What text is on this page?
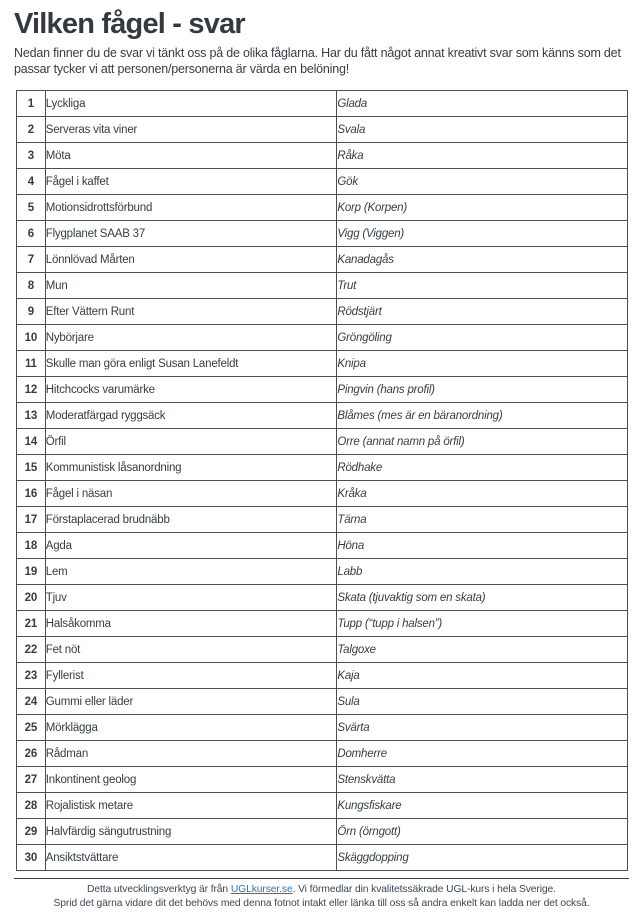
Vilken fågel - svar

Nedan finner du de svar vi tänkt oss på de olika fåglarna. Har du fått något annat kreativt svar som känns som det passar tycker vi att personen/personerna är värda en belöning!

1	Lyckliga	Glada
2	Serveras vita viner	Svala
3	Möta	Råka
4	Fågel i kaffet	Gök
5	Motionsidrottsförbund	Korp (Korpen)
6	Flygplanet SAAB 37	Vigg (Viggen)
7	Lönnlövad Mårten	Kanadagås
8	Mun	Trut
9	Efter Vättern Runt	Rödstjärt
10	Nybörjare	Gröngöling
11	Skulle man göra enligt Susan Lanefeldt	Knipa
12	Hitchcocks varumärke	Pingvin (hans profil)
13	Moderatfärgad ryggsäck	Blåmes (mes är en bäranordning)
14	Örfil	Orre (annat namn på örfil)
15	Kommunistisk låsanordning	Rödhake
16	Fågel i näsan	Kråka
17	Förstaplacerad brudnäbb	Tärna
18	Agda	Höna
19	Lem	Labb
20	Tjuv	Skata (tjuvaktig som en skata)
21	Halsåkomma	Tupp (“tupp i halsen”)
22	Fet nöt	Talgoxe
23	Fyllerist	Kaja
24	Gummi eller läder	Sula
25	Mörklägga	Svärta
26	Rådman	Domherre
27	Inkontinent geolog	Stenskvätta
28	Rojalistisk metare	Kungsfiskare
29	Halvfärdig sängutrustning	Örn (örngott)
30	Ansiktstvättare	Skäggdopping
Detta utvecklingsverktyg är från UGLkurser.se. Vi förmedlar din kvalitetssäkrade UGL-kurs i hela Sverige.
Sprid det gärna vidare dit det behövs med denna fotnot intakt eller länka till oss så andra enkelt kan ladda ner det också.
